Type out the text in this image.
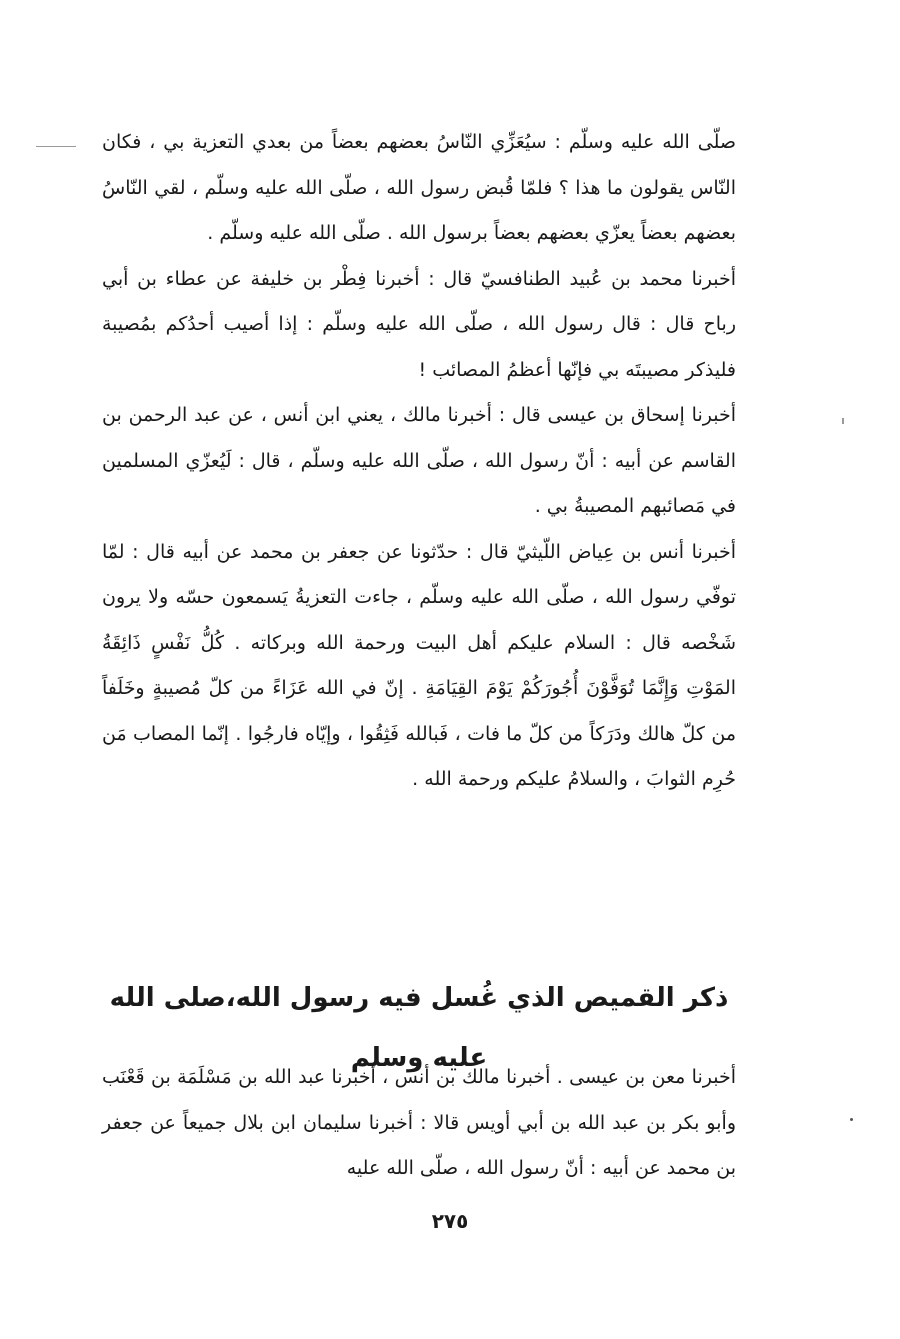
صلّى الله عليه وسلّم : سيُعَزِّي النّاسُ بعضهم بعضاً من بعدي التعزية بي ، فكان النّاس يقولون ما هذا ؟ فلمّا قُبض رسول الله ، صلّى الله عليه وسلّم ، لقي النّاسُ بعضهم بعضاً يعزّي بعضهم بعضاً برسول الله . صلّى الله عليه وسلّم .

أخبرنا محمد بن عُبيد الطنافسيّ قال : أخبرنا فِطْر بن خليفة عن عطاء بن أبي رباح قال : قال رسول الله ، صلّى الله عليه وسلّم : إذا أصيب أحدُكم بمُصيبة فليذكر مصيبتَه بي فإنّها أعظمُ المصائب !

أخبرنا إسحاق بن عيسى قال : أخبرنا مالك ، يعني ابن أنس ، عن عبد الرحمن بن القاسم عن أبيه : أنّ رسول الله ، صلّى الله عليه وسلّم ، قال : لَيُعزّي المسلمين في مَصائبهم المصيبةُ بي .

أخبرنا أنس بن عِياض اللّيثيّ قال : حدّثونا عن جعفر بن محمد عن أبيه قال : لمّا توفّي رسول الله ، صلّى الله عليه وسلّم ، جاءت التعزيةُ يَسمعون حسّه ولا يرون شَخْصه قال : السلام عليكم أهل البيت ورحمة الله وبركاته . كُلُّ نَفْسٍ ذَائِقَةُ المَوْتِ وَإِنَّمَا تُوَفَّوْنَ أُجُورَكُمْ يَوْمَ القِيَامَةِ . إنّ في الله عَزَاءً من كلّ مُصيبةٍ وخَلَفاً من كلّ هالك ودَرَكاً من كلّ ما فات ، فَبالله فَثِقُوا ، وإيّاه فارجُوا . إنّما المصاب مَن حُرِم الثوابَ ، والسلامُ عليكم ورحمة الله .

ذكر القميص الذي غُسل فيه رسول الله،صلى الله عليه وسلم

أخبرنا معن بن عيسى . أخبرنا مالك بن أنس ، أخبرنا عبد الله بن مَسْلَمَة بن قَعْنَب وأبو بكر بن عبد الله بن أبي أويس قالا : أخبرنا سليمان ابن بلال جميعاً عن جعفر بن محمد عن أبيه : أنّ رسول الله ، صلّى الله عليه

٢٧٥
